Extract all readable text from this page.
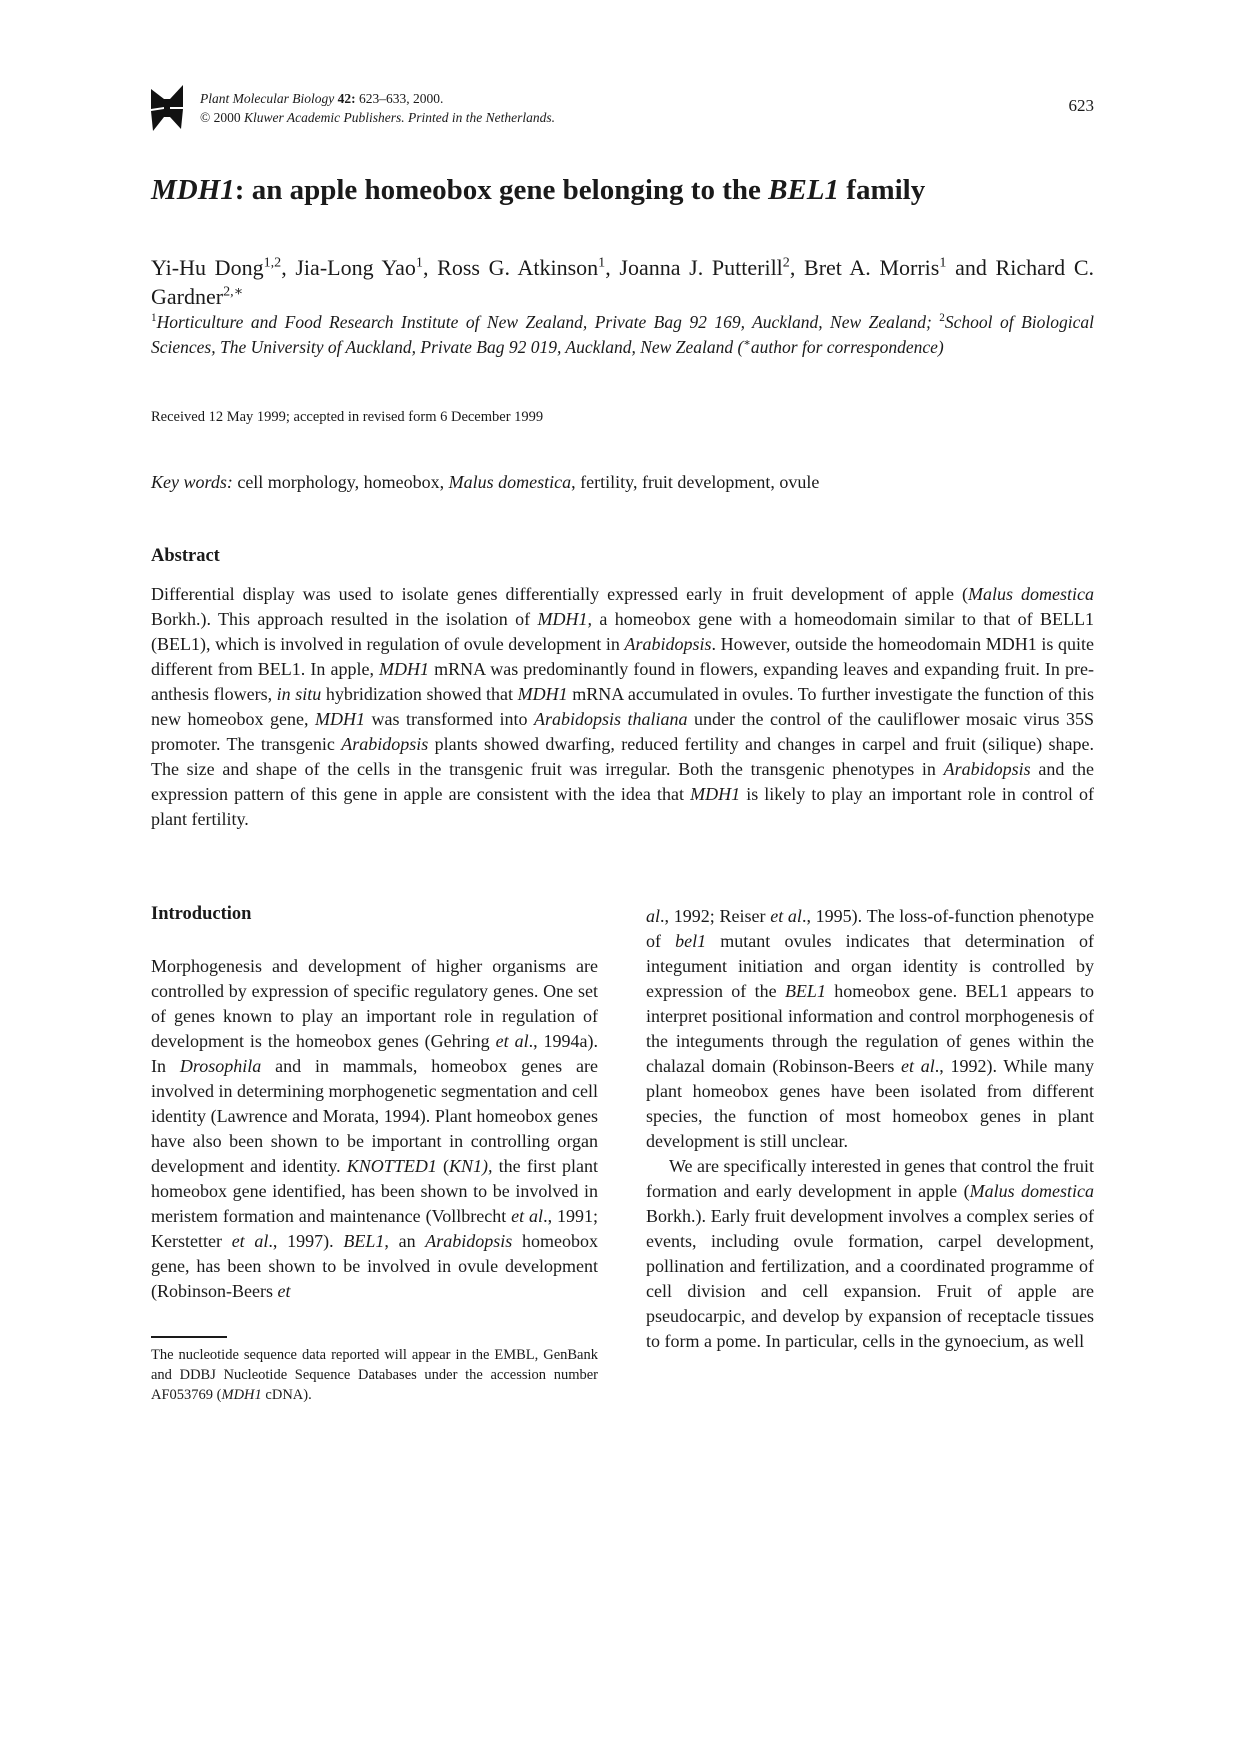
Plant Molecular Biology 42: 623–633, 2000.
© 2000 Kluwer Academic Publishers. Printed in the Netherlands.
623
MDH1: an apple homeobox gene belonging to the BEL1 family
Yi-Hu Dong$^{1,2}$, Jia-Long Yao$^1$, Ross G. Atkinson$^1$, Joanna J. Putterill$^2$, Bret A. Morris$^1$ and Richard C. Gardner$^{2,∗}$
$^1$Horticulture and Food Research Institute of New Zealand, Private Bag 92 169, Auckland, New Zealand; $^2$School of Biological Sciences, The University of Auckland, Private Bag 92 019, Auckland, New Zealand (∗author for correspondence)
Received 12 May 1999; accepted in revised form 6 December 1999
Key words: cell morphology, homeobox, Malus domestica, fertility, fruit development, ovule
Abstract
Differential display was used to isolate genes differentially expressed early in fruit development of apple (Malus domestica Borkh.). This approach resulted in the isolation of MDH1, a homeobox gene with a homeodomain similar to that of BELL1 (BEL1), which is involved in regulation of ovule development in Arabidopsis. However, outside the homeodomain MDH1 is quite different from BEL1. In apple, MDH1 mRNA was predominantly found in flowers, expanding leaves and expanding fruit. In pre-anthesis flowers, in situ hybridization showed that MDH1 mRNA accumulated in ovules. To further investigate the function of this new homeobox gene, MDH1 was transformed into Arabidopsis thaliana under the control of the cauliflower mosaic virus 35S promoter. The transgenic Arabidopsis plants showed dwarfing, reduced fertility and changes in carpel and fruit (silique) shape. The size and shape of the cells in the transgenic fruit was irregular. Both the transgenic phenotypes in Arabidopsis and the expression pattern of this gene in apple are consistent with the idea that MDH1 is likely to play an important role in control of plant fertility.
Introduction
Morphogenesis and development of higher organisms are controlled by expression of specific regulatory genes. One set of genes known to play an important role in regulation of development is the homeobox genes (Gehring et al., 1994a). In Drosophila and in mammals, homeobox genes are involved in determining morphogenetic segmentation and cell identity (Lawrence and Morata, 1994). Plant homeobox genes have also been shown to be important in controlling organ development and identity. KNOTTED1 (KN1), the first plant homeobox gene identified, has been shown to be involved in meristem formation and maintenance (Vollbrecht et al., 1991; Kerstetter et al., 1997). BEL1, an Arabidopsis homeobox gene, has been shown to be involved in ovule development (Robinson-Beers et
The nucleotide sequence data reported will appear in the EMBL, GenBank and DDBJ Nucleotide Sequence Databases under the accession number AF053769 (MDH1 cDNA).

al., 1992; Reiser et al., 1995). The loss-of-function phenotype of bel1 mutant ovules indicates that determination of integument initiation and organ identity is controlled by expression of the BEL1 homeobox gene. BEL1 appears to interpret positional information and control morphogenesis of the integuments through the regulation of genes within the chalazal domain (Robinson-Beers et al., 1992). While many plant homeobox genes have been isolated from different species, the function of most homeobox genes in plant development is still unclear.

We are specifically interested in genes that control the fruit formation and early development in apple (Malus domestica Borkh.). Early fruit development involves a complex series of events, including ovule formation, carpel development, pollination and fertilization, and a coordinated programme of cell division and cell expansion. Fruit of apple are pseudocarpic, and develop by expansion of receptacle tissues to form a pome. In particular, cells in the gynoecium, as well
